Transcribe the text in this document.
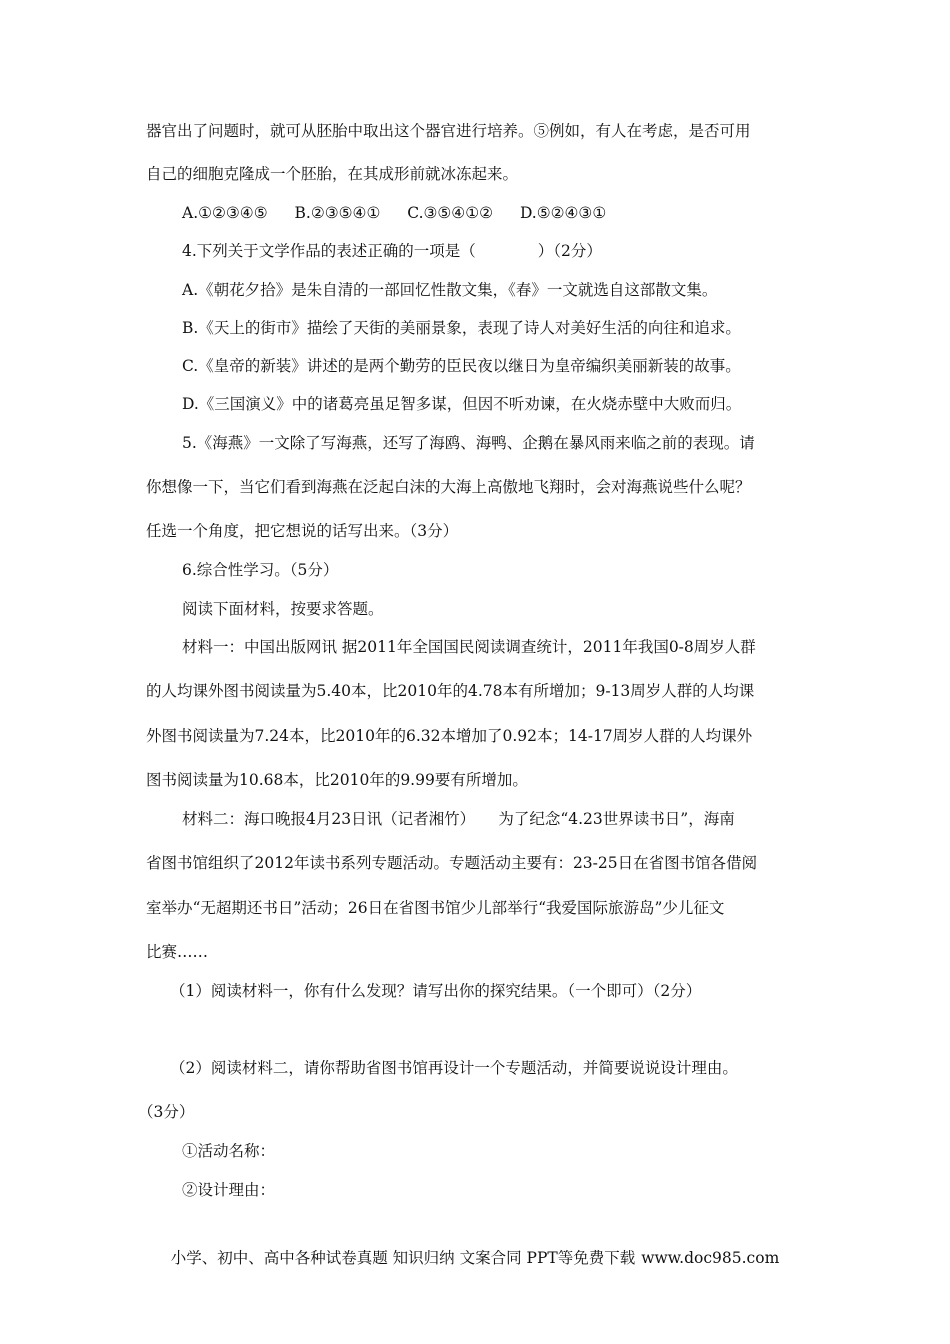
器官出了问题时，就可从胚胎中取出这个器官进行培养。⑤例如，有人在考虑，是否可用
自己的细胞克隆成一个胚胎，在其成形前就冰冻起来。
A.①②③④⑤ B.②③⑤④① C.③⑤④①② D.⑤②④③①
4.下列关于文学作品的表述正确的一项是（　　　　）（2分）
A.《朝花夕拾》是朱自清的一部回忆性散文集，《春》一文就选自这部散文集。
B.《天上的街市》描绘了天街的美丽景象，表现了诗人对美好生活的向往和追求。
C.《皇帝的新装》讲述的是两个勤劳的臣民夜以继日为皇帝编织美丽新装的故事。
D.《三国演义》中的诸葛亮虽足智多谋，但因不听劝谏，在火烧赤壁中大败而归。
5.《海燕》一文除了写海燕，还写了海鸥、海鸭、企鹅在暴风雨来临之前的表现。请
你想像一下，当它们看到海燕在泛起白沫的大海上高傲地飞翔时，会对海燕说些什么呢？
任选一个角度，把它想说的话写出来。（3分）
6.综合性学习。（5分）
阅读下面材料，按要求答题。
材料一：中国出版网讯 据2011年全国国民阅读调查统计，2011年我国0-8周岁人群
的人均课外图书阅读量为5.40本，比2010年的4.78本有所增加；9-13周岁人群的人均课
外图书阅读量为7.24本，比2010年的6.32本增加了0.92本；14-17周岁人群的人均课外
图书阅读量为10.68本，比2010年的9.99要有所增加。
材料二：海口晚报4月23日讯（记者湘竹）　　为了纪念“4.23世界读书日”，海南
省图书馆组织了2012年读书系列专题活动。专题活动主要有：23-25日在省图书馆各借阅
室举办“无超期还书日”活动；26日在省图书馆少儿部举行“我爱国际旅游岛”少儿征文
比赛……
（1）阅读材料一，你有什么发现？请写出你的探究结果。（一个即可）（2分）
（2）阅读材料二，请你帮助省图书馆再设计一个专题活动，并简要说说设计理由。
（3分）
①活动名称：
②设计理由：
小学、初中、高中各种试卷真题 知识归纳 文案合同 PPT等免费下载 www.doc985.com
